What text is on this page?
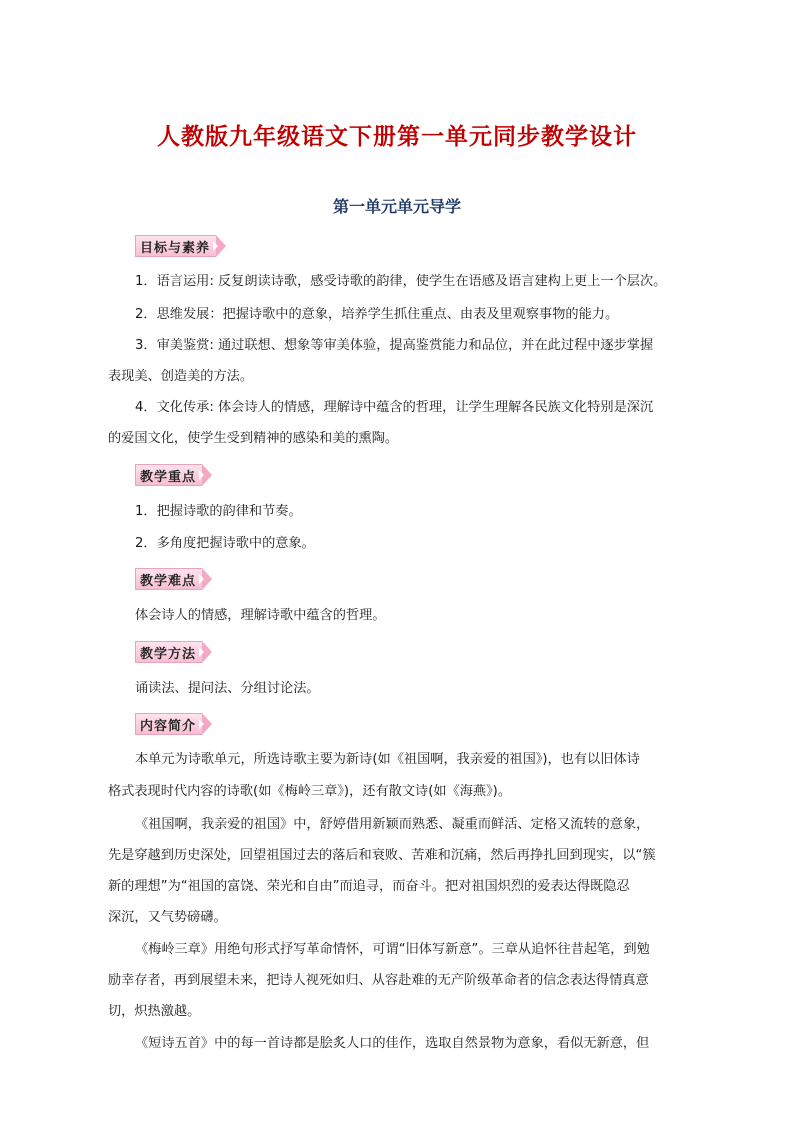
人教版九年级语文下册第一单元同步教学设计
第一单元单元导学
目标与素养
1．语言运用: 反复朗读诗歌，感受诗歌的韵律，使学生在语感及语言建构上更上一个层次。
2．思维发展：把握诗歌中的意象，培养学生抓住重点、由表及里观察事物的能力。
3．审美鉴赏: 通过联想、想象等审美体验，提高鉴赏能力和品位，并在此过程中逐步掌握
表现美、创造美的方法。
4．文化传承: 体会诗人的情感，理解诗中蕴含的哲理，让学生理解各民族文化特别是深沉
的爱国文化，使学生受到精神的感染和美的熏陶。
教学重点
1．把握诗歌的韵律和节奏。
2．多角度把握诗歌中的意象。
教学难点
体会诗人的情感，理解诗歌中蕴含的哲理。
教学方法
诵读法、提问法、分组讨论法。
内容简介
本单元为诗歌单元，所选诗歌主要为新诗(如《祖国啊，我亲爱的祖国》)，也有以旧体诗
格式表现时代内容的诗歌(如《梅岭三章》)，还有散文诗(如《海燕》)。
《祖国啊，我亲爱的祖国》中，舒婷借用新颖而熟悉、凝重而鲜活、定格又流转的意象，
先是穿越到历史深处，回望祖国过去的落后和衰败、苦难和沉痛，然后再挣扎回到现实，以“簇
新的理想”为“祖国的富饶、荣光和自由”而追寻，而奋斗。把对祖国炽烈的爱表达得既隐忍
深沉，又气势磅礴。
《梅岭三章》用绝句形式抒写革命情怀，可谓“旧体写新意”。三章从追怀往昔起笔，到勉
励幸存者，再到展望未来，把诗人视死如归、从容赴难的无产阶级革命者的信念表达得情真意
切，炽热激越。
《短诗五首》中的每一首诗都是脍炙人口的佳作，选取自然景物为意象，看似无新意，但
